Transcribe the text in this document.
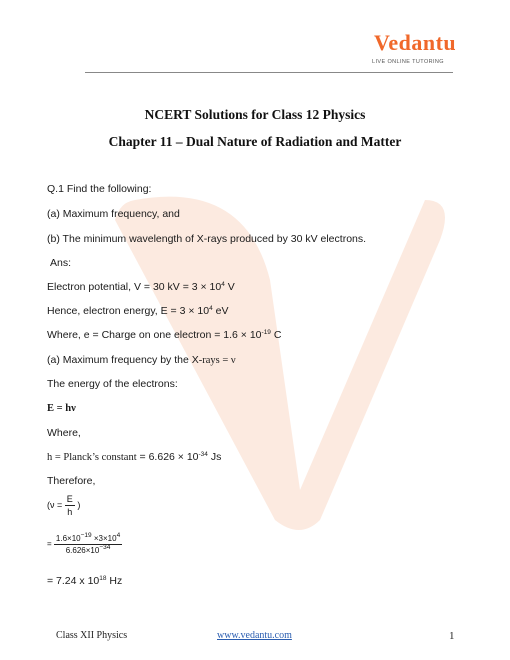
Vedantu
LIVE ONLINE TUTORING
NCERT Solutions for Class 12 Physics
Chapter 11 – Dual Nature of Radiation and Matter
Q.1 Find the following:
(a) Maximum frequency, and
(b) The minimum wavelength of X-rays produced by 30 kV electrons.
Ans:
Electron potential, V = 30 kV = $3 \times 10^4$ V
Hence, electron energy, $E = 3 \times 10^4$ eV
Where, e = Charge on one electron = $1.6 \times 10^{-19}$ C
(a) Maximum frequency by the X-rays = ν
The energy of the electrons:
E = hν
Where,
h = Planck’s constant = $6.626 \times 10^{-34}$ Js
Therefore,
($\nu = \frac{E}{h}$ )
= $\frac{1.6\times 10^{-19} \times 3\times 10^4}{6.626\times 10^{-34}}$
= 7.24 x $10^{18}$ Hz
Class XII Physics	www.vedantu.com	1
